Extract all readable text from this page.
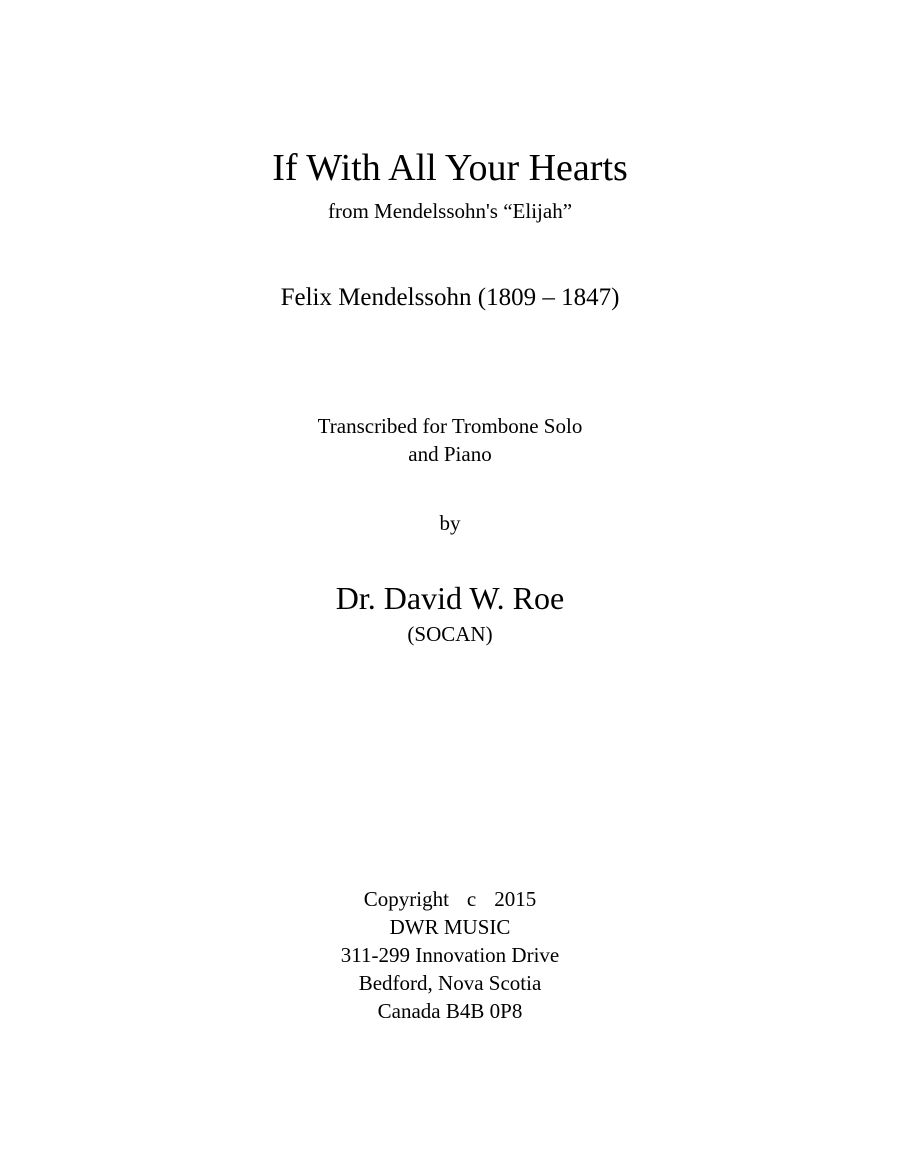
If With All Your Hearts

from Mendelssohn's “Elijah”

Felix Mendelssohn (1809 – 1847)

Transcribed for Trombone Solo

and Piano

by

Dr. David W. Roe

(SOCAN)

Copyright c 2015

DWR MUSIC

311-299 Innovation Drive

Bedford, Nova Scotia

Canada B4B 0P8
